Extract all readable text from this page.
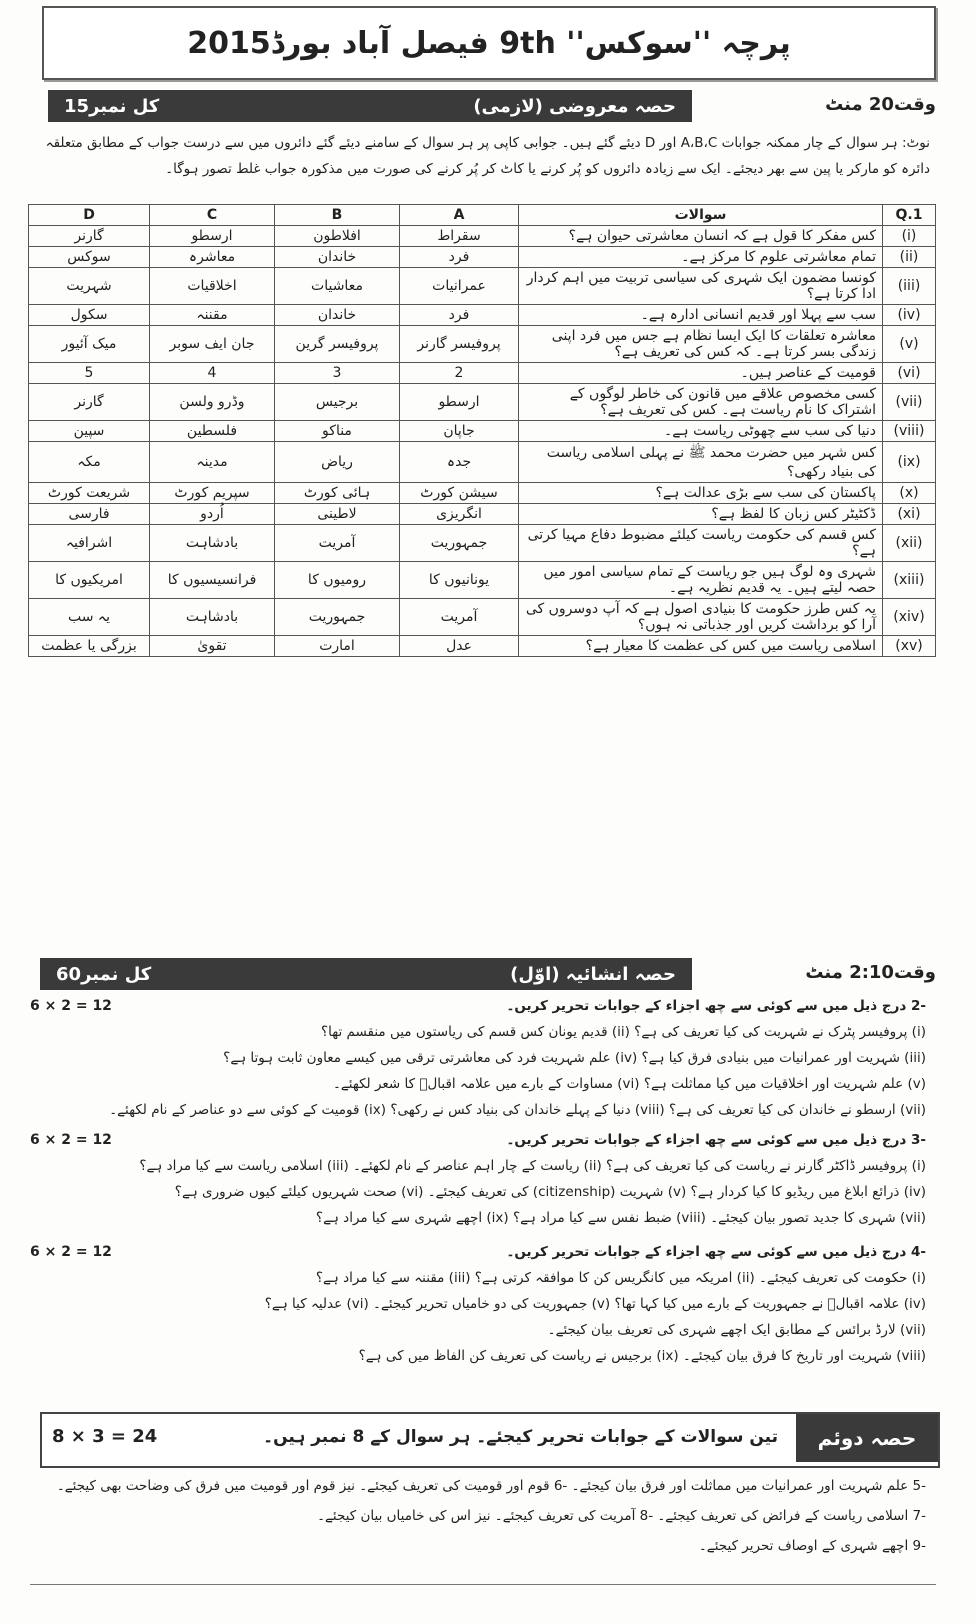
پرچہ ''سوکس'' 9th فیصل آباد بورڈ2015
حصہ معروضی (لازمی)
کل نمبر15	وقت20 منٹ
نوٹ: ہر سوال کے چار ممکنہ جوابات A،B،C اور D دیئے گئے ہیں۔ جوابی کاپی پر ہر سوال کے سامنے دیئے گئے دائروں میں سے درست جواب کے مطابق متعلقہ دائرہ کو مارکر یا پین سے بھر دیجئے۔ ایک سے زیادہ دائروں کو پُر کرنے یا کاٹ کر پُر کرنے کی صورت میں مذکورہ جواب غلط تصور ہوگا۔
D	C	B	A	سوالات	Q.1
گارنر	ارسطو	افلاطون	سقراط	کس مفکر کا قول ہے کہ انسان معاشرتی حیوان ہے؟	(i)
سوکس	معاشرہ	خاندان	فرد	تمام معاشرتی علوم کا مرکز ہے۔	(ii)
شہریت	اخلاقیات	معاشیات	عمرانیات	کونسا مضمون ایک شہری کی سیاسی تربیت میں اہم کردار ادا کرتا ہے؟	(iii)
سکول	مقننہ	خاندان	فرد	سب سے پہلا اور قدیم انسانی ادارہ ہے۔	(iv)
میک آئیور	جان ایف سوبر	پروفیسر گرین	پروفیسر گارنر	معاشرہ تعلقات کا ایک ایسا نظام ہے جس میں فرد اپنی زندگی بسر کرتا ہے۔ کہ کس کی تعریف ہے؟	(v)
5	4	3	2	قومیت کے عناصر ہیں۔	(vi)
گارنر	وڈرو ولسن	برجیس	ارسطو	کسی مخصوص علاقے میں قانون کی خاطر لوگوں کے اشتراک کا نام ریاست ہے۔ کس کی تعریف ہے؟	(vii)
سپین	فلسطین	مناکو	جاپان	دنیا کی سب سے چھوٹی ریاست ہے۔	(viii)
مکہ	مدینہ	ریاض	جدہ	کس شہر میں حضرت محمد ﷺ نے پہلی اسلامی ریاست کی بنیاد رکھی؟	(ix)
شریعت کورٹ	سپریم کورٹ	ہائی کورٹ	سیشن کورٹ	پاکستان کی سب سے بڑی عدالت ہے؟	(x)
فارسی	اُردو	لاطینی	انگریزی	ڈکٹیٹر کس زبان کا لفظ ہے؟	(xi)
اشرافیہ	بادشاہت	آمریت	جمہوریت	کس قسم کی حکومت ریاست کیلئے مضبوط دفاع مہیا کرتی ہے؟	(xii)
امریکیوں کا	فرانسیسیوں کا	رومیوں کا	یونانیوں کا	شہری وہ لوگ ہیں جو ریاست کے تمام سیاسی امور میں حصہ لیتے ہیں۔ یہ قدیم نظریہ ہے۔	(xiii)
یہ سب	بادشاہت	جمہوریت	آمریت	یہ کس طرز حکومت کا بنیادی اصول ہے کہ آپ دوسروں کی آرا کو برداشت کریں اور جذباتی نہ ہوں؟	(xiv)
بزرگی یا عظمت	تقویٰ	امارت	عدل	اسلامی ریاست میں کس کی عظمت کا معیار ہے؟	(xv)
حصہ انشائیہ (اوّل)
کل نمبر60	وقت2:10 منٹ
-2 درج ذیل میں سے کوئی سے چھ اجزاء کے جوابات تحریر کریں۔
6 × 2 = 12
(i) پروفیسر پٹرک نے شہریت کی کیا تعریف کی ہے؟ (ii) قدیم یونان کس قسم کی ریاستوں میں منقسم تھا؟
(iii) شہریت اور عمرانیات میں بنیادی فرق کیا ہے؟ (iv) علم شہریت فرد کی معاشرتی ترقی میں کیسے معاون ثابت ہوتا ہے؟
(v) علم شہریت اور اخلاقیات میں کیا مماثلت ہے؟ (vi) مساوات کے بارے میں علامہ اقبالؒ کا شعر لکھئے۔
(vii) ارسطو نے خاندان کی کیا تعریف کی ہے؟ (viii) دنیا کے پہلے خاندان کی بنیاد کس نے رکھی؟ (ix) قومیت کے کوئی سے دو عناصر کے نام لکھئے۔
-3 درج ذیل میں سے کوئی سے چھ اجزاء کے جوابات تحریر کریں۔
6 × 2 = 12
(i) پروفیسر ڈاکٹر گارنر نے ریاست کی کیا تعریف کی ہے؟ (ii) ریاست کے چار اہم عناصر کے نام لکھئے۔ (iii) اسلامی ریاست سے کیا مراد ہے؟
(iv) ذرائع ابلاغ میں ریڈیو کا کیا کردار ہے؟ (v) شہریت (citizenship) کی تعریف کیجئے۔ (vi) صحت شہریوں کیلئے کیوں ضروری ہے؟
(vii) شہری کا جدید تصور بیان کیجئے۔ (viii) ضبط نفس سے کیا مراد ہے؟ (ix) اچھے شہری سے کیا مراد ہے؟
-4 درج ذیل میں سے کوئی سے چھ اجزاء کے جوابات تحریر کریں۔
6 × 2 = 12
(i) حکومت کی تعریف کیجئے۔ (ii) امریکہ میں کانگریس کن کا موافقہ کرتی ہے؟ (iii) مقننہ سے کیا مراد ہے؟
(iv) علامہ اقبالؒ نے جمہوریت کے بارے میں کیا کہا تھا؟ (v) جمہوریت کی دو خامیاں تحریر کیجئے۔ (vi) عدلیہ کیا ہے؟
(vii) لارڈ برائس کے مطابق ایک اچھے شہری کی تعریف بیان کیجئے۔
(viii) شہریت اور تاریخ کا فرق بیان کیجئے۔ (ix) برجیس نے ریاست کی تعریف کن الفاظ میں کی ہے؟
حصہ دوئم
تین سوالات کے جوابات تحریر کیجئے۔ ہر سوال کے 8 نمبر ہیں۔
8 × 3 = 24
-5 علم شہریت اور عمرانیات میں مماثلت اور فرق بیان کیجئے۔ -6 قوم اور قومیت کی تعریف کیجئے۔ نیز قوم اور قومیت میں فرق کی وضاحت بھی کیجئے۔
-7 اسلامی ریاست کے فرائض کی تعریف کیجئے۔ -8 آمریت کی تعریف کیجئے۔ نیز اس کی خامیاں بیان کیجئے۔
-9 اچھے شہری کے اوصاف تحریر کیجئے۔
